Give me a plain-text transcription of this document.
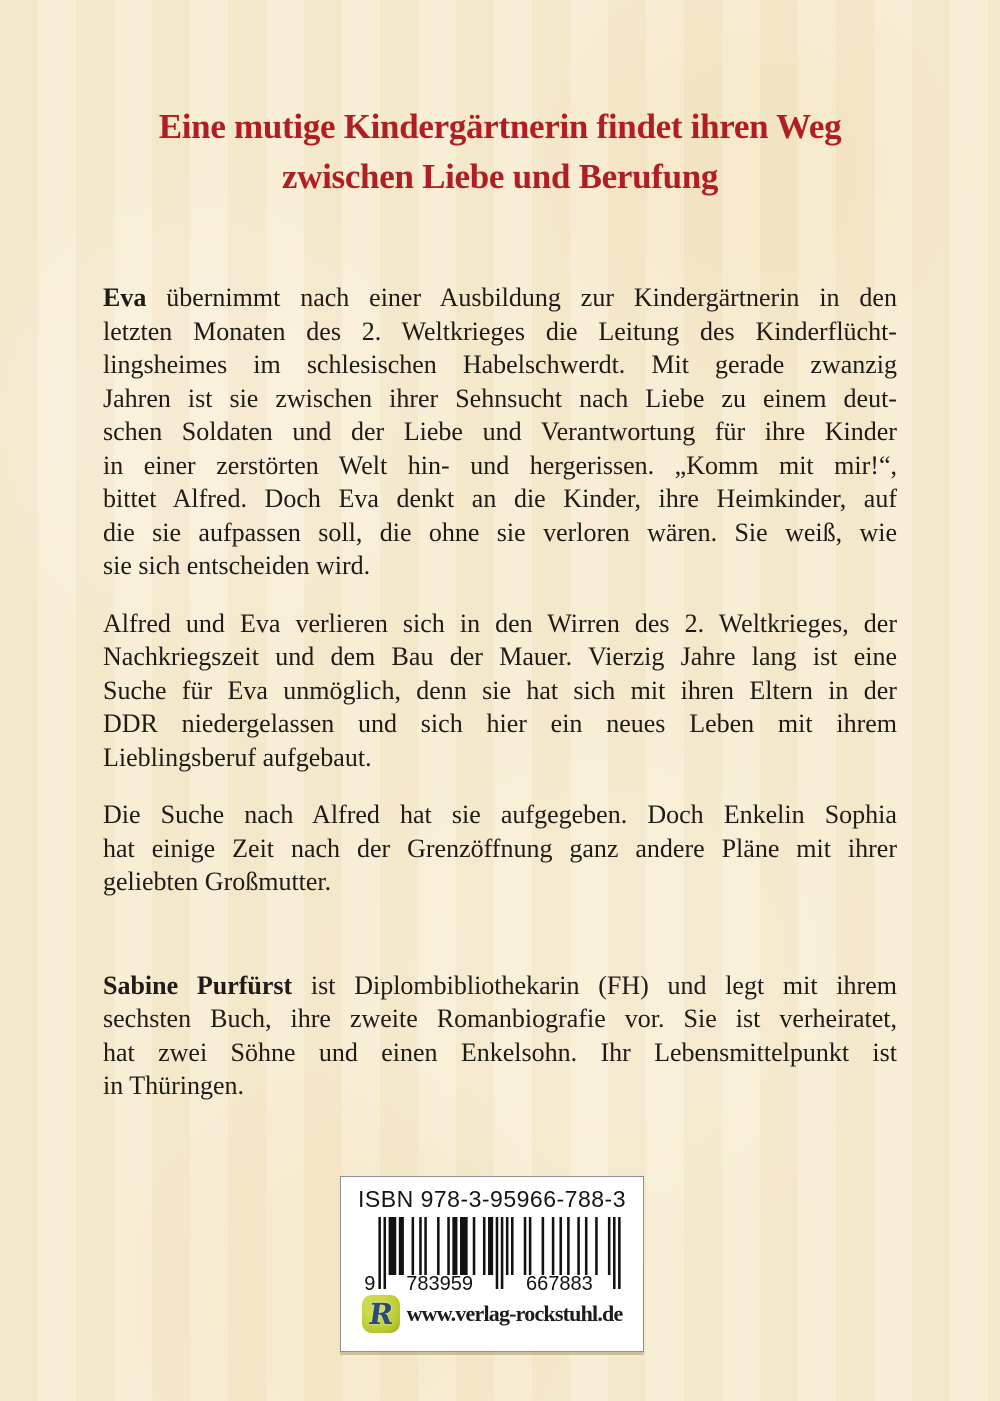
Eine mutige Kindergärtnerin findet ihren Weg
zwischen Liebe und Berufung
Eva übernimmt nach einer Ausbildung zur Kindergärtnerin in den
letzten Monaten des 2. Weltkrieges die Leitung des Kinderflücht-
lingsheimes im schlesischen Habelschwerdt. Mit gerade zwanzig
Jahren ist sie zwischen ihrer Sehnsucht nach Liebe zu einem deut-
schen Soldaten und der Liebe und Verantwortung für ihre Kinder
in einer zerstörten Welt hin- und hergerissen. „Komm mit mir!“,
bittet Alfred. Doch Eva denkt an die Kinder, ihre Heimkinder, auf
die sie aufpassen soll, die ohne sie verloren wären. Sie weiß, wie
sie sich entscheiden wird.
Alfred und Eva verlieren sich in den Wirren des 2. Weltkrieges, der
Nachkriegszeit und dem Bau der Mauer. Vierzig Jahre lang ist eine
Suche für Eva unmöglich, denn sie hat sich mit ihren Eltern in der
DDR niedergelassen und sich hier ein neues Leben mit ihrem
Lieblingsberuf aufgebaut.
Die Suche nach Alfred hat sie aufgegeben. Doch Enkelin Sophia
hat einige Zeit nach der Grenzöffnung ganz andere Pläne mit ihrer
geliebten Großmutter.
Sabine Purfürst ist Diplombibliothekarin (FH) und legt mit ihrem
sechsten Buch, ihre zweite Romanbiografie vor. Sie ist verheiratet,
hat zwei Söhne und einen Enkelsohn. Ihr Lebensmittelpunkt ist
in Thüringen.
ISBN 978-3-95966-788-3
9 783959	667883
R www.verlag-rockstuhl.de
